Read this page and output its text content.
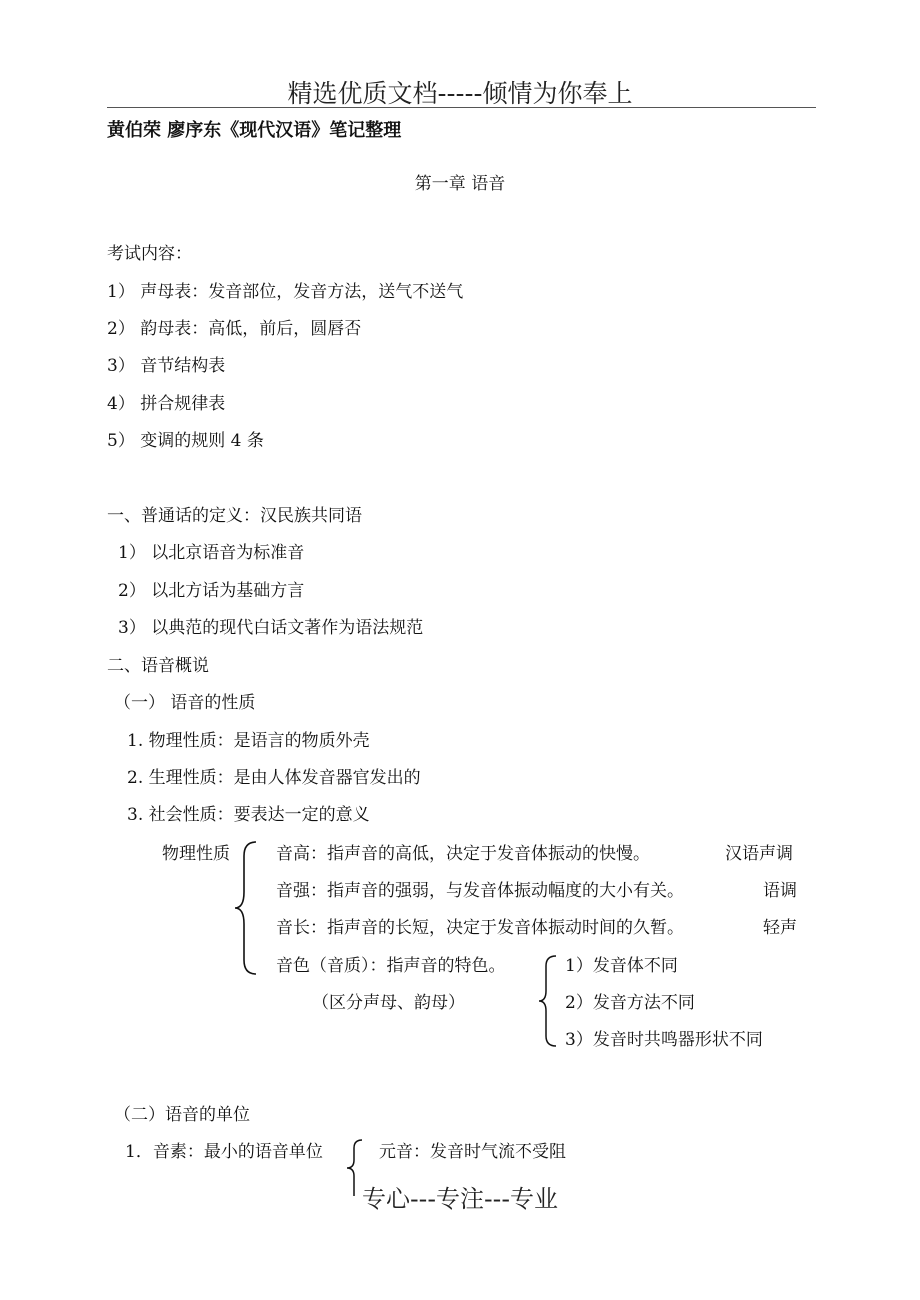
精选优质文档-----倾情为你奉上
黄伯荣 廖序东《现代汉语》笔记整理
第一章 语音
考试内容：
1） 声母表：发音部位，发音方法，送气不送气
2） 韵母表：高低，前后，圆唇否
3） 音节结构表
4） 拼合规律表
5） 变调的规则 4 条
一、普通话的定义：汉民族共同语
1） 以北京语音为标准音
2） 以北方话为基础方言
3） 以典范的现代白话文著作为语法规范
二、语音概说
（一） 语音的性质
1. 物理性质：是语言的物质外壳
2. 生理性质：是由人体发音器官发出的
3. 社会性质：要表达一定的意义
物理性质	音高：指声音的高低，决定于发音体振动的快慢。	汉语声调
音强：指声音的强弱，与发音体振动幅度的大小有关。	语调
音长：指声音的长短，决定于发音体振动时间的久暂。	轻声
音色（音质）：指声音的特色。
（区分声母、韵母）
1）发音体不同
2）发音方法不同
3）发音时共鸣器形状不同
（二）语音的单位
1．音素：最小的语音单位	元音：发音时气流不受阻
专心---专注---专业
